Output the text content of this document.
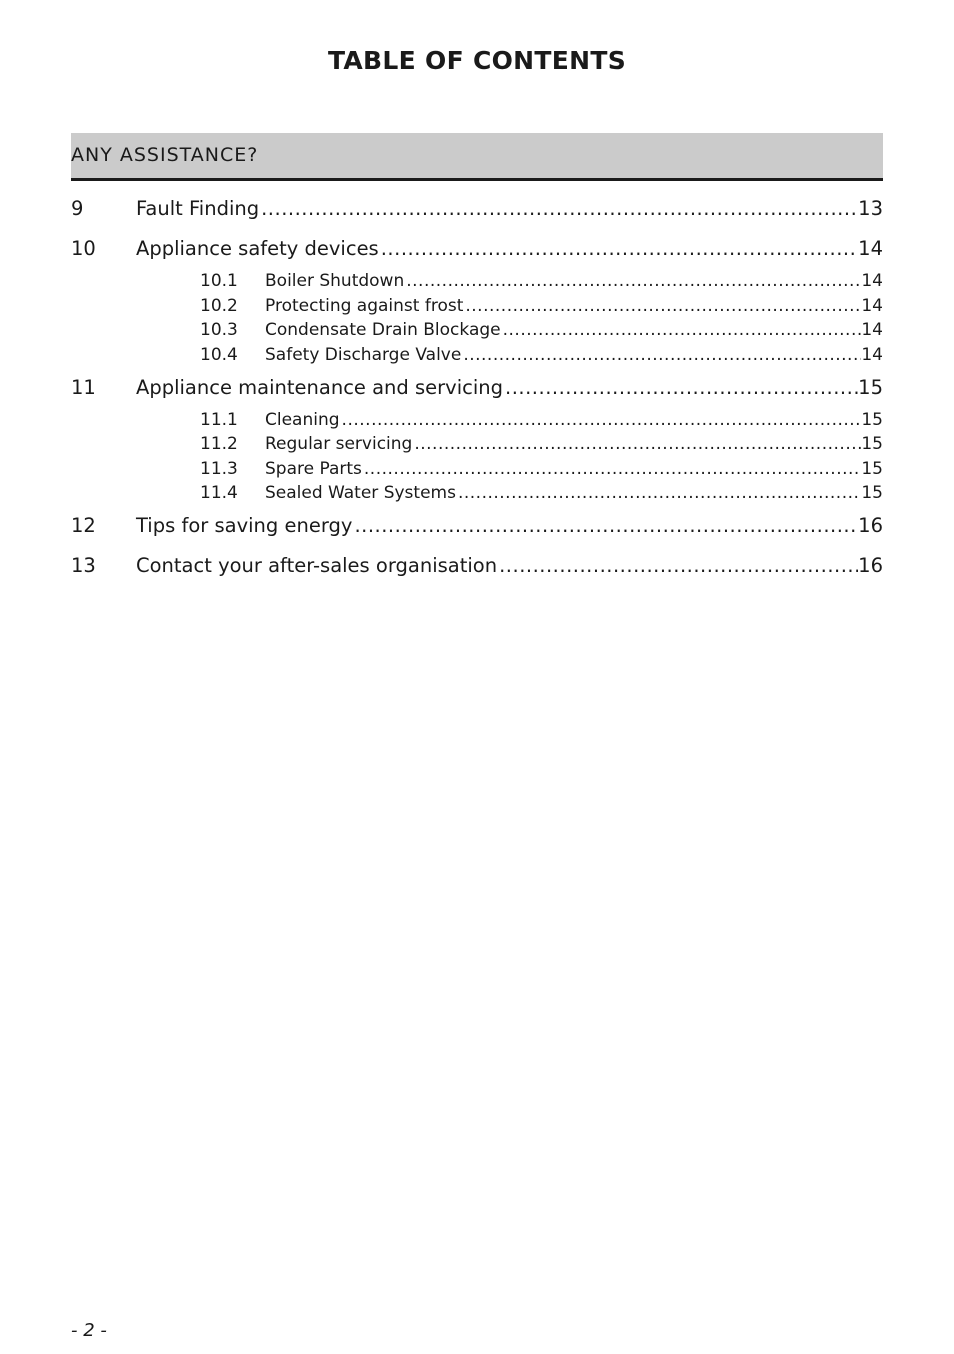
TABLE OF CONTENTS
ANY ASSISTANCE?
9	Fault Finding .....	13
10	Appliance safety devices .....	14
10.1	Boiler Shutdown .....	14
10.2	Protecting against frost .....	14
10.3	Condensate Drain Blockage .....	14
10.4	Safety Discharge Valve .....	14
11	Appliance maintenance and servicing .....	15
11.1	Cleaning .....	15
11.2	Regular servicing .....	15
11.3	Spare Parts .....	15
11.4	Sealed Water Systems .....	15
12	Tips for saving energy .....	16
13	Contact your after-sales organisation .....	16
- 2 -
